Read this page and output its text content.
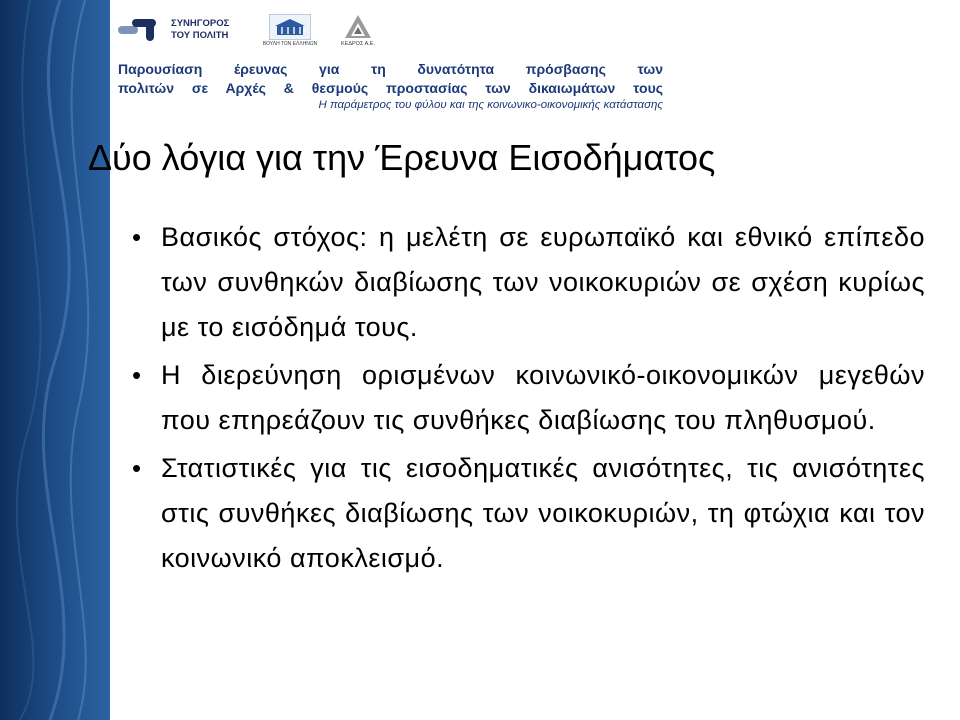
ΣΥΝΗΓΟΡΟΣ
ΤΟΥ ΠΟΛΙΤΗ
ΒΟΥΛΗ ΤΩΝ ΕΛΛΗΝΩΝ	ΚΕΔΡΟΣ Α.Ε.
Παρουσίαση έρευνας για τη δυνατότητα πρόσβασης των
πολιτών σε Αρχές & θεσμούς προστασίας των δικαιωμάτων τους
Η παράμετρος του φύλου και της κοινωνικο-οικονομικής κατάστασης
Δύο λόγια για την Έρευνα Εισοδήματος
• Βασικός στόχος: η μελέτη σε ευρωπαϊκό και εθνικό επίπεδο των συνθηκών διαβίωσης των νοικοκυριών σε σχέση κυρίως με το εισόδημά τους.
• Η διερεύνηση ορισμένων κοινωνικό-οικονομικών μεγεθών που επηρεάζουν τις συνθήκες διαβίωσης του πληθυσμού.
• Στατιστικές για τις εισοδηματικές ανισότητες, τις ανισότητες στις συνθήκες διαβίωσης των νοικοκυριών, τη φτώχια και τον κοινωνικό αποκλεισμό.
